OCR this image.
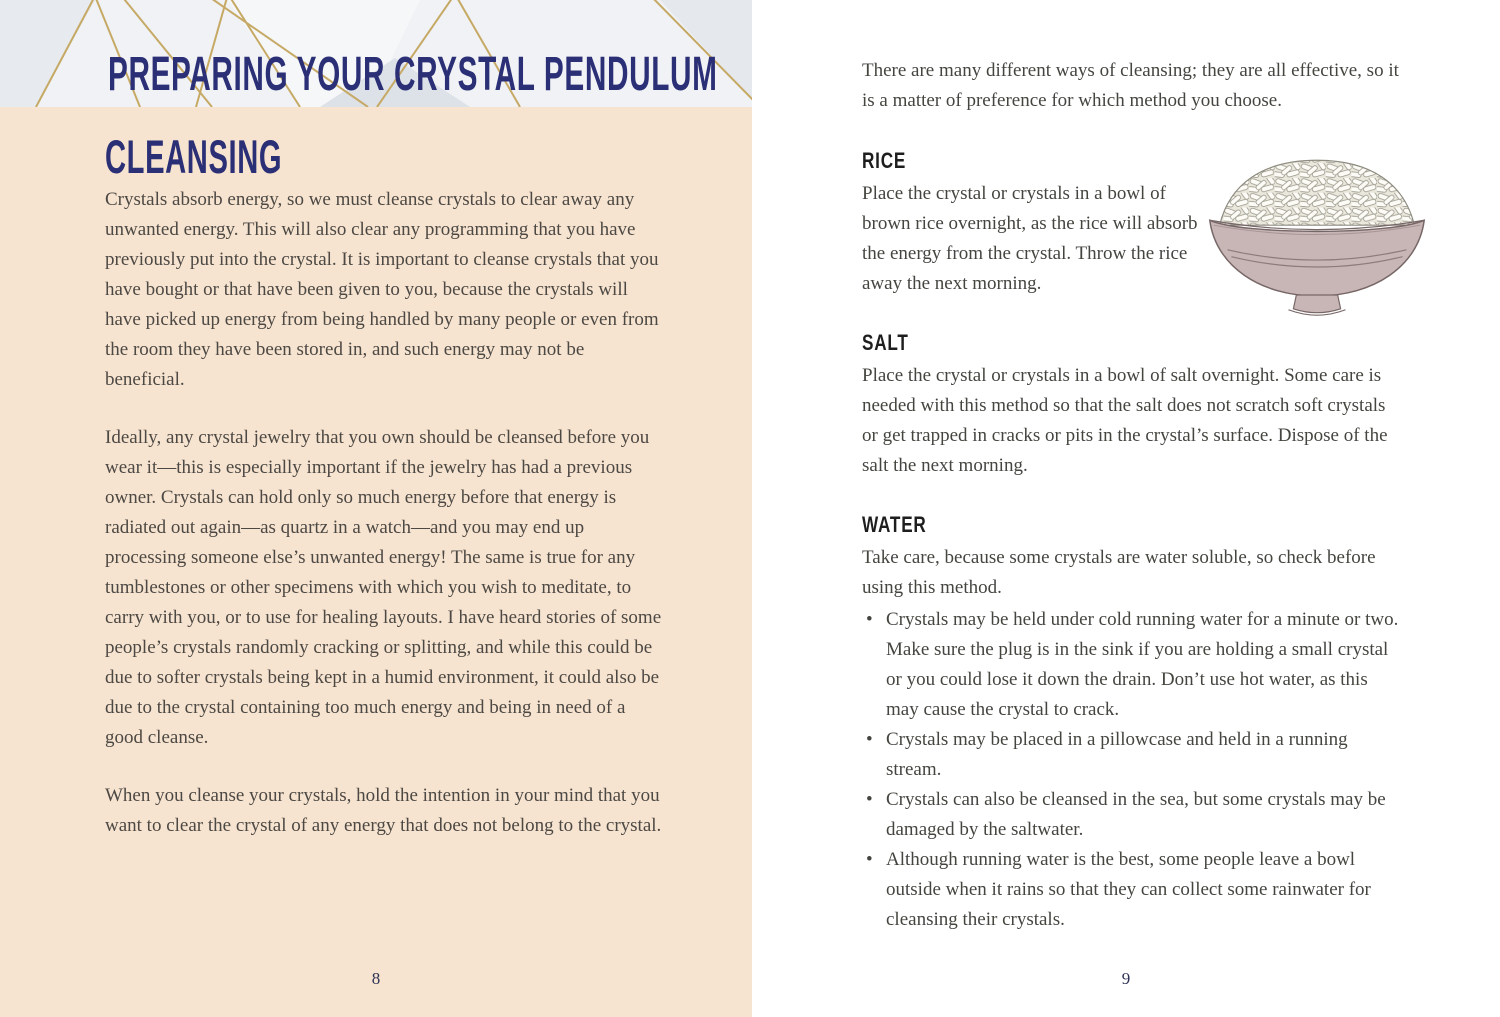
PREPARING YOUR CRYSTAL PENDULUM
CLEANSING

Crystals absorb energy, so we must cleanse crystals to clear away any unwanted energy. This will also clear any programming that you have previously put into the crystal. It is important to cleanse crystals that you have bought or that have been given to you, because the crystals will have picked up energy from being handled by many people or even from the room they have been stored in, and such energy may not be beneficial.

Ideally, any crystal jewelry that you own should be cleansed before you wear it—this is especially important if the jewelry has had a previous owner. Crystals can hold only so much energy before that energy is radiated out again—as quartz in a watch—and you may end up processing someone else’s unwanted energy! The same is true for any tumblestones or other specimens with which you wish to meditate, to carry with you, or to use for healing layouts. I have heard stories of some people’s crystals randomly cracking or splitting, and while this could be due to softer crystals being kept in a humid environment, it could also be due to the crystal containing too much energy and being in need of a good cleanse.

When you cleanse your crystals, hold the intention in your mind that you want to clear the crystal of any energy that does not belong to the crystal.

8

There are many different ways of cleansing; they are all effective, so it is a matter of preference for which method you choose.

RICE

Place the crystal or crystals in a bowl of brown rice overnight, as the rice will absorb the energy from the crystal. Throw the rice away the next morning.

SALT

Place the crystal or crystals in a bowl of salt overnight. Some care is needed with this method so that the salt does not scratch soft crystals or get trapped in cracks or pits in the crystal’s surface. Dispose of the salt the next morning.

WATER

Take care, because some crystals are water soluble, so check before using this method.

• Crystals may be held under cold running water for a minute or two. Make sure the plug is in the sink if you are holding a small crystal or you could lose it down the drain. Don’t use hot water, as this may cause the crystal to crack.
• Crystals may be placed in a pillowcase and held in a running stream.
• Crystals can also be cleansed in the sea, but some crystals may be damaged by the saltwater.
• Although running water is the best, some people leave a bowl outside when it rains so that they can collect some rainwater for cleansing their crystals.
9
